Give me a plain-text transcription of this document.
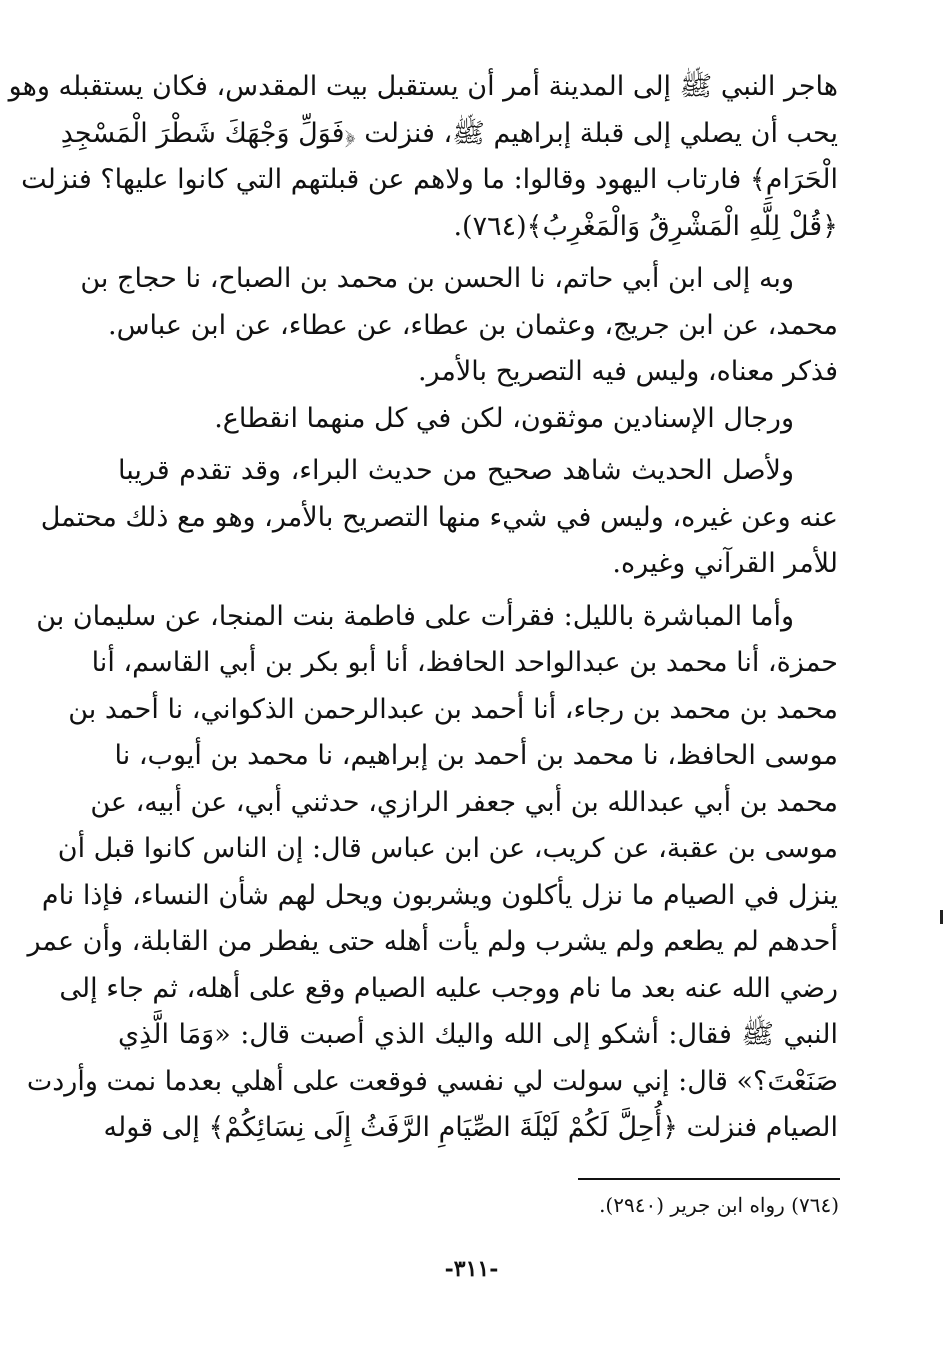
هاجر النبي ﷺ إلى المدينة أمر أن يستقبل بيت المقدس، فكان يستقبله وهو
يحب أن يصلي إلى قبلة إبراهيم ﷺ، فنزلت ﴿فَوَلِّ وَجْهَكَ شَطْرَ الْمَسْجِدِ
الْحَرَامِ﴾ فارتاب اليهود وقالوا: ما ولاهم عن قبلتهم التي كانوا عليها؟ فنزلت
﴿قُلْ لِلَّهِ الْمَشْرِقُ وَالْمَغْرِبُ﴾(٧٦٤).
وبه إلى ابن أبي حاتم، نا الحسن بن محمد بن الصباح، نا حجاج بن
محمد، عن ابن جريج، وعثمان بن عطاء، عن عطاء، عن ابن عباس.
فذكر معناه، وليس فيه التصريح بالأمر.
ورجال الإسنادين موثقون، لكن في كل منهما انقطاع.
ولأصل الحديث شاهد صحيح من حديث البراء، وقد تقدم قريبا
عنه وعن غيره، وليس في شيء منها التصريح بالأمر، وهو مع ذلك محتمل
للأمر القرآني وغيره.
وأما المباشرة بالليل: فقرأت على فاطمة بنت المنجا، عن سليمان بن
حمزة، أنا محمد بن عبدالواحد الحافظ، أنا أبو بكر بن أبي القاسم، أنا
محمد بن محمد بن رجاء، أنا أحمد بن عبدالرحمن الذكواني، نا أحمد بن
موسى الحافظ، نا محمد بن أحمد بن إبراهيم، نا محمد بن أيوب، نا
محمد بن أبي عبدالله بن أبي جعفر الرازي، حدثني أبي، عن أبيه، عن
موسى بن عقبة، عن كريب، عن ابن عباس قال: إن الناس كانوا قبل أن
ينزل في الصيام ما نزل يأكلون ويشربون ويحل لهم شأن النساء، فإذا نام
أحدهم لم يطعم ولم يشرب ولم يأت أهله حتى يفطر من القابلة، وأن عمر
رضي الله عنه بعد ما نام ووجب عليه الصيام وقع على أهله، ثم جاء إلى
النبي ﷺ فقال: أشكو إلى الله واليك الذي أصبت قال: «وَمَا الَّذِي
صَنَعْتَ؟» قال: إني سولت لي نفسي فوقعت على أهلي بعدما نمت وأردت
الصيام فنزلت ﴿أُحِلَّ لَكُمْ لَيْلَةَ الصِّيَامِ الرَّفَثُ إِلَى نِسَائِكُمْ﴾ إلى قوله
(٧٦٤) رواه ابن جرير (٢٩٤٠).
-٣١١-
